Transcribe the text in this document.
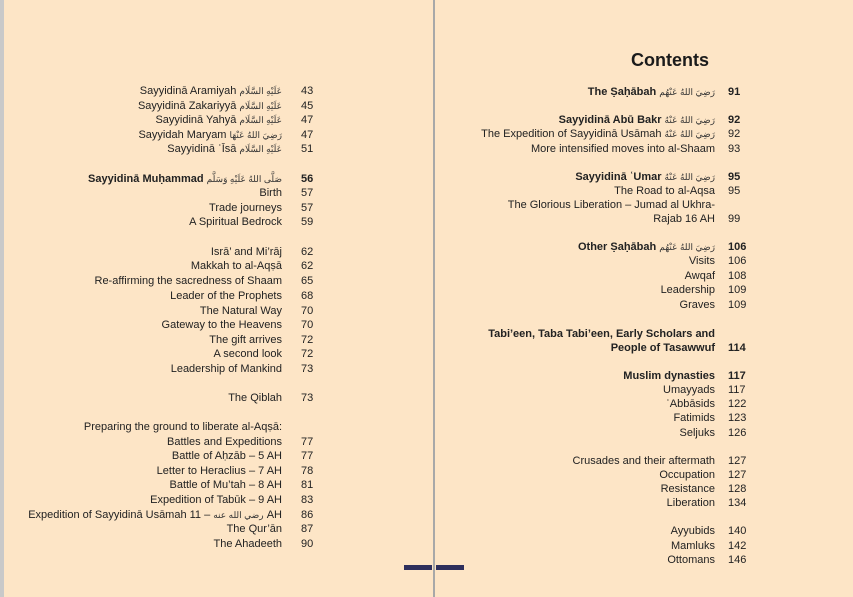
Contents
Sayyidinā Aramiyah عَلَيْهِ السَّلَام 43
Sayyidinā Zakariyyā عَلَيْهِ السَّلَام 45
Sayyidinā Yahyā عَلَيْهِ السَّلَام 47
Sayyidah Maryam رَضِيَ اللهُ عَنْهَا 47
Sayyidinā ʿĪsā عَلَيْهِ السَّلَام 51
Sayyidinā Muḥammad صَلَّى اللهُ عَلَيْهِ وَسَلَّم 56
Birth 57
Trade journeys 57
A Spiritual Bedrock 59
Isrā’ and Mi’rāj 62
Makkah to al-Aqṣā 62
Re-affirming the sacredness of Shaam 65
Leader of the Prophets 68
The Natural Way 70
Gateway to the Heavens 70
The gift arrives 72
A second look 72
Leadership of Mankind 73
The Qiblah 73
Preparing the ground to liberate al-Aqṣā:
Battles and Expeditions 77
Battle of Aḥzāb – 5 AH 77
Letter to Heraclius – 7 AH 78
Battle of Mu’tah – 8 AH 81
Expedition of Tabūk – 9 AH 83
Expedition of Sayyidinā Usāmah	رضي الله عنه– 11 AH 86
The Qur’ān 87
The Ahadeeth 90
The Ṣaḥābah رَضِيَ اللهُ عَنْهُم 91
Sayyidinā Abū Bakr رَضِيَ اللهُ عَنْهُ 92
The Expedition of Sayyidinā Usāmah رَضِيَ اللهُ عَنْهُ 92
More intensified moves into al-Shaam 93
Sayyidinā ʿUmar رَضِيَ اللهُ عَنْهُ 95
The Road to al-Aqsa 95
The Glorious Liberation – Jumad al Ukhra-
Rajab 16 AH 99
Other Ṣaḥābah رَضِيَ اللهُ عَنْهُم 106
Visits 106
Awqaf 108
Leadership 109
Graves 109
Tabi’een, Taba Tabi’een, Early Scholars and
People of Tasawwuf 114
Muslim dynasties 117
Umayyads 117
ʿAbbāsids 122
Fatimids 123
Seljuks 126
Crusades and their aftermath 127
Occupation 127
Resistance 128
Liberation 134
Ayyubids 140
Mamluks 142
Ottomans 146
